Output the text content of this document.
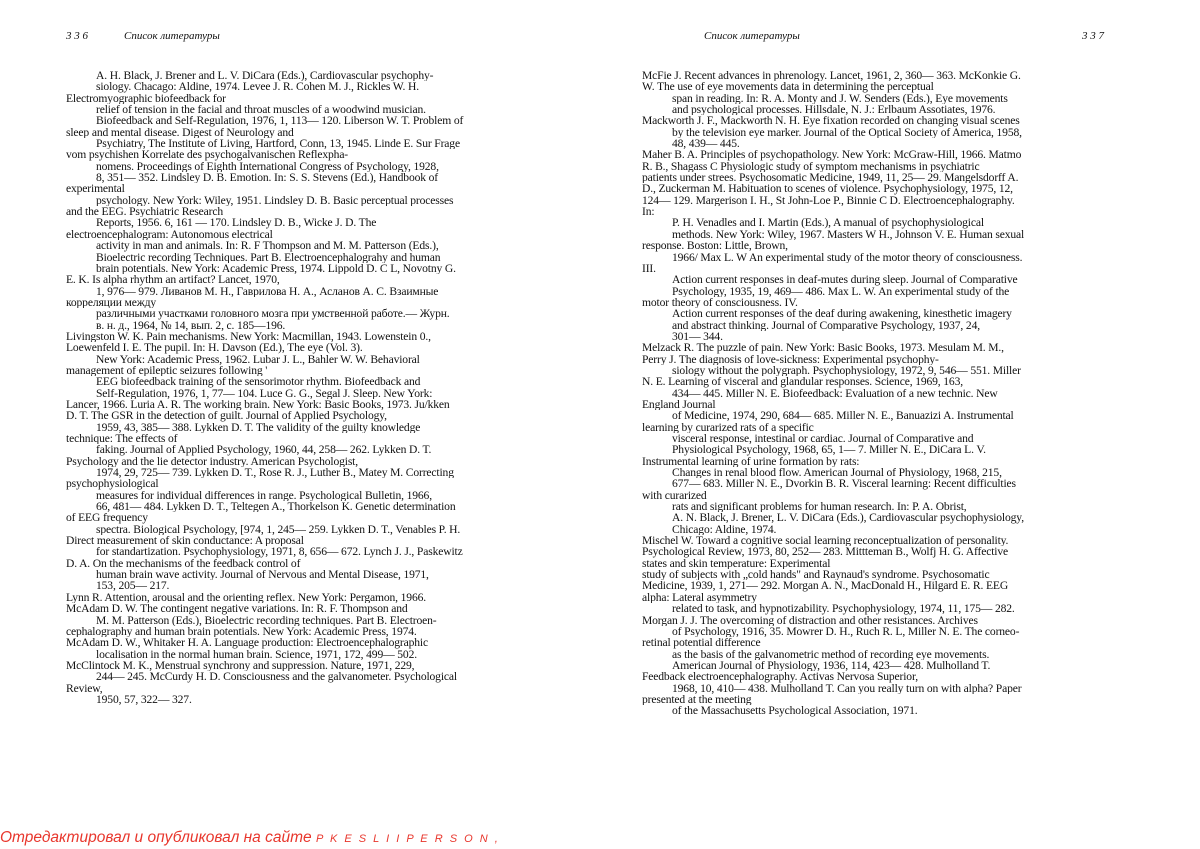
3 3 6	Список литературы
A. H. Black, J. Brener and L. V. DiCara (Eds.), Cardiovascular psychophy-
siology. Chacago: Aldine, 1974. Levee J. R. Cohen M. J., Rickles W. H.
Electromyographic biofeedback for
relief of tension in the facial and throat muscles of a woodwind musician.
Biofeedback and Self-Regulation, 1976, 1, 113— 120. Liberson W. T. Problem of
sleep and mental disease. Digest of Neurology and
Psychiatry, The Institute of Living, Hartford, Conn, 13, 1945. Linde E. Sur Frage
vom psychishen Korrelate des psychogalvanischen Reflexpha-
nomens. Proceedings of Eighth International Congress of Psychology, 1928,
8, 351— 352. Lindsley D. B. Emotion. In: S. S. Stevens (Ed.), Handbook of
experimental
psychology. New York: Wiley, 1951. Lindsley D. B. Basic perceptual processes
and the EEG. Psychiatric Research
Reports, 1956. 6, 161 — 170. Lindsley D. B., Wicke J. D. The
electroencephalogram: Autonomous electrical
activity in man and animals. In: R. F Thompson and M. M. Patterson (Eds.),
Bioelectric recording Techniques. Part B. Electroencephalograhy and human
brain potentials. New York: Academic Press, 1974. Lippold D. C L, Novotny G.
E. K. Is alpha rhythm an artifact? Lancet, 1970,
1, 976— 979. Ливанов М. Н., Гаврилова Н. А., Асланов А. С. Взаимные
корреляции между
различными участками головного мозга при умственной работе.— Журн.
в. н. д., 1964, № 14, вып. 2, с. 185—196.
Livingston W. K. Pain mechanisms. New York: Macmillan, 1943. Lowenstein 0.,
Loewenfeld I. E. The pupil. In: H. Davson (Ed.), The eye (Vol. 3).
New York: Academic Press, 1962. Lubar J. L., Bahler W. W. Behavioral
management of epileptic seizures following '
EEG biofeedback training of the sensorimotor rhythm. Biofeedback and
Self-Regulation, 1976, 1, 77— 104. Luce G. G., Segal J. Sleep. New York:
Lancer, 1966. Luria A. R. The working brain. New York: Basic Books, 1973. Ju/kken
D. T. The GSR in the detection of guilt. Journal of Applied Psychology,
1959, 43, 385— 388. Lykken D. T. The validity of the guilty knowledge
technique: The effects of
faking. Journal of Applied Psychology, 1960, 44, 258— 262. Lykken D. T.
Psychology and the lie detector industry. American Psychologist,
1974, 29, 725— 739. Lykken D. T., Rose R. J., Luther B., Matey M. Correcting
psychophysiological
measures for individual differences in range. Psychological Bulletin, 1966,
66, 481— 484. Lykken D. T., Teltegen A., Thorkelson K. Genetic determination
of EEG frequency
spectra. Biological Psychology, [974, 1, 245— 259. Lykken D. T., Venables P. H.
Direct measurement of skin conductance: A proposal
for standartization. Psychophysiology, 1971, 8, 656— 672. Lynch J. J., Paskewitz
D. A. On the mechanisms of the feedback control of
human brain wave activity. Journal of Nervous and Mental Disease, 1971,
153, 205— 217.
Lynn R. Attention, arousal and the orienting reflex. New York: Pergamon, 1966.
McAdam D. W. The contingent negative variations. In: R. F. Thompson and
M. M. Patterson (Eds.), Bioelectric recording techniques. Part B. Electroen-
cephalography and human brain potentials. New York: Academic Press, 1974.
McAdam D. W., Whitaker H. A. Language production: Electroencephalographic
localisation in the normal human brain. Science, 1971, 172, 499— 502.
McClintock M. K., Menstrual synchrony and suppression. Nature, 1971, 229,
244— 245. McCurdy H. D. Consciousness and the galvanometer. Psychological
Review,
1950, 57, 322— 327.
Список литературы	3 3 7
McFie J. Recent advances in phrenology. Lancet, 1961, 2, 360— 363. McKonkie G.
W. The use of eye movements data in determining the perceptual
span in reading. In: R. A. Monty and J. W. Senders (Eds.), Eye movements
and psychological processes. Hillsdale, N. J.: Erlbaum Assotiates, 1976.
Mackworth J. F., Mackworth N. H. Eye fixation recorded on changing visual scenes
by the television eye marker. Journal of the Optical Society of America, 1958,
48, 439— 445.
Maher B. A. Principles of psychopathology. New York: McGraw-Hill, 1966. Matmo
R. B., Shagass C Physiologic study of symptom mechanisms in psychiatric
patients under strees. Psychosomatic Medicine, 1949, 11, 25— 29. Mangelsdorff A.
D., Zuckerman M. Habituation to scenes of violence. Psychophysiology, 1975, 12,
124— 129. Margerison I. H., St John-Loe P., Binnie C D. Electroencephalography.
In:
P. H. Venadles and I. Martin (Eds.), A manual of psychophysiological
methods. New York: Wiley, 1967. Masters W H., Johnson V. E. Human sexual
response. Boston: Little, Brown,
1966/ Max L. W An experimental study of the motor theory of consciousness.
III.
Action current responses in deaf-mutes during sleep. Journal of Comparative
Psychology, 1935, 19, 469— 486. Max L. W. An experimental study of the
motor theory of consciousness. IV.
Action current responses of the deaf during awakening, kinesthetic imagery
and abstract thinking. Journal of Comparative Psychology, 1937, 24,
301— 344.
Melzack R. The puzzle of pain. New York: Basic Books, 1973. Mesulam M. M.,
Perry J. The diagnosis of love-sickness: Experimental psychophy-
siology without the polygraph. Psychophysiology, 1972, 9, 546— 551. Miller
N. E. Learning of visceral and glandular responses. Science, 1969, 163,
434— 445. Miller N. E. Biofeedback: Evaluation of a new technic. New
England Journal
of Medicine, 1974, 290, 684— 685. Miller N. E., Banuazizi A. Instrumental
learning by curarized rats of a specific
visceral response, intestinal or cardiac. Journal of Comparative and
Physiological Psychology, 1968, 65, 1— 7. Miller N. E., DiCara L. V.
Instrumental learning of urine formation by rats:
Changes in renal blood flow. American Journal of Physiology, 1968, 215,
677— 683. Miller N. E., Dvorkin B. R. Visceral learning: Recent difficulties
with curarized
rats and significant problems for human research. In: P. A. Obrist,
A. N. Black, J. Brener, L. V. DiCara (Eds.), Cardiovascular psychophysiology,
Chicago: Aldine, 1974.
Mischel W. Toward a cognitive social learning reconceptualization of personality.
Psychological Review, 1973, 80, 252— 283. Mittteman B., Wolfj H. G. Affective
states and skin temperature: Experimental
study of subjects with „cold hands" and Raynaud's syndrome. Psychosomatic
Medicine, 1939, 1, 271— 292. Morgan A. N., MacDonald H., Hilgard E. R. EEG
alpha: Lateral asymmetry
related to task, and hypnotizability. Psychophysiology, 1974, 11, 175— 282.
Morgan J. J. The overcoming of distraction and other resistances. Archives
of Psychology, 1916, 35. Mowrer D. H., Ruch R. L, Miller N. E. The corneo-
retinal potential difference
as the basis of the galvanometric method of recording eye movements.
American Journal of Physiology, 1936, 114, 423— 428. Mulholland T.
Feedback electroencephalography. Activas Nervosa Superior,
1968, 10, 410— 438. Mulholland T. Can you really turn on with alpha? Paper
presented at the meeting
of the Massachusetts Psychological Association, 1971.
Отредактировал и опубликовал на сайте P K E S L I I P E R S O N ,
